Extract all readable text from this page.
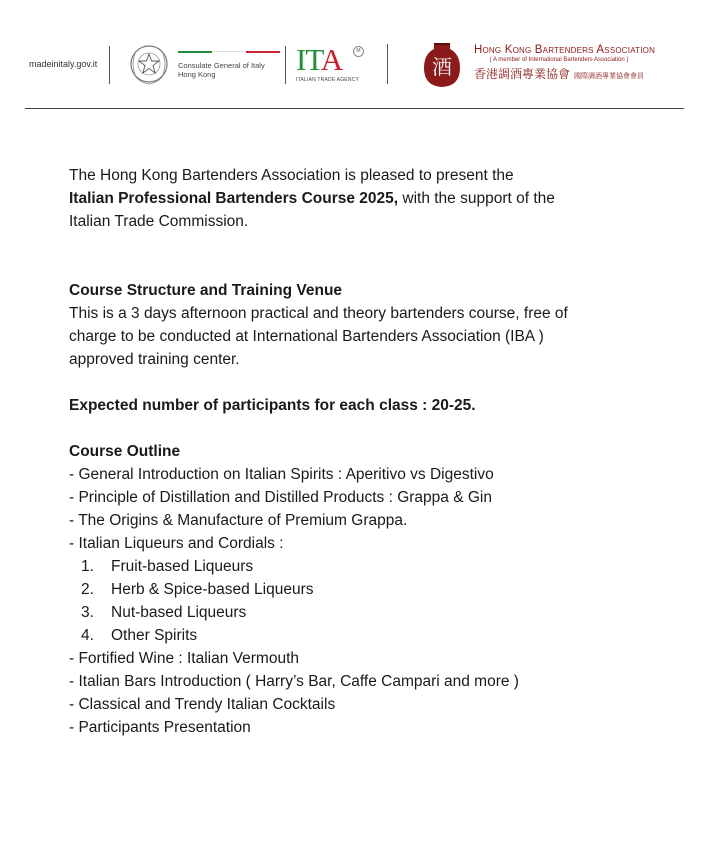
madeinitaly.gov.it	Consulate General of Italy
Hong Kong	ITA
ITALIAN TRADE AGENCY
M
酒
Hong Kong Bartenders Association
( A member of International Bartenders Association )
香港調酒專業協會 國際調酒專業協會會員

The Hong Kong Bartenders Association is pleased to present the

Italian Professional Bartenders Course 2025, with the support of the

Italian Trade Commission.

Course Structure and Training Venue

This is a 3 days afternoon practical and theory bartenders course, free of

charge to be conducted at International Bartenders Association (IBA )

approved training center.

Expected number of participants for each class : 20-25.

Course Outline

- General Introduction on Italian Spirits : Aperitivo vs Digestivo

- Principle of Distillation and Distilled Products : Grappa & Gin

- The Origins & Manufacture of Premium Grappa.

- Italian Liqueurs and Cordials :

1. Fruit-based Liqueurs

2. Herb & Spice-based Liqueurs

3. Nut-based Liqueurs

4. Other Spirits

- Fortified Wine : Italian Vermouth

- Italian Bars Introduction ( Harry’s Bar, Caffe Campari and more )

- Classical and Trendy Italian Cocktails

- Participants Presentation
